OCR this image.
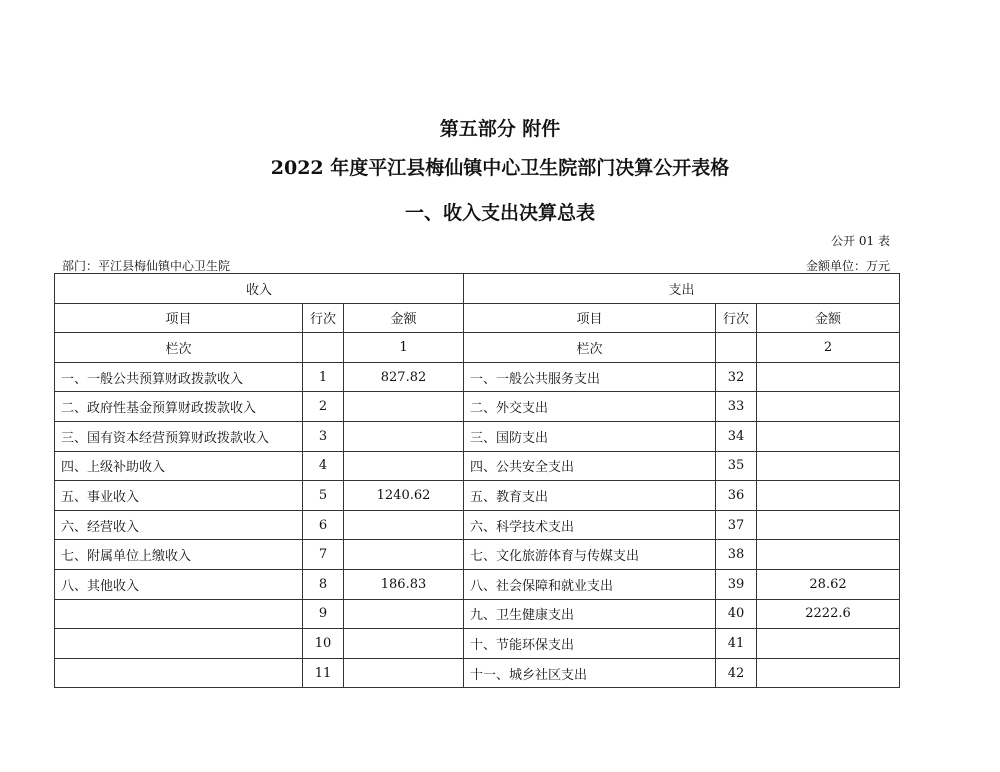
第五部分 附件
2022 年度平江县梅仙镇中心卫生院部门决算公开表格
一、收入支出决算总表
公开 01 表
部门：平江县梅仙镇中心卫生院	金额单位：万元
收入			支出		
项目	行次	金额	项目	行次	金额
栏次		1	栏次		2
一、一般公共预算财政拨款收入	1	827.82	一、一般公共服务支出	32	
二、政府性基金预算财政拨款收入	2		二、外交支出	33	
三、国有资本经营预算财政拨款收入	3		三、国防支出	34	
四、上级补助收入	4		四、公共安全支出	35	
五、事业收入	5	1240.62	五、教育支出	36	
六、经营收入	6		六、科学技术支出	37	
七、附属单位上缴收入	7		七、文化旅游体育与传媒支出	38	
八、其他收入	8	186.83	八、社会保障和就业支出	39	28.62
	9		九、卫生健康支出	40	2222.6
	10		十、节能环保支出	41	
	11		十一、城乡社区支出	42	
